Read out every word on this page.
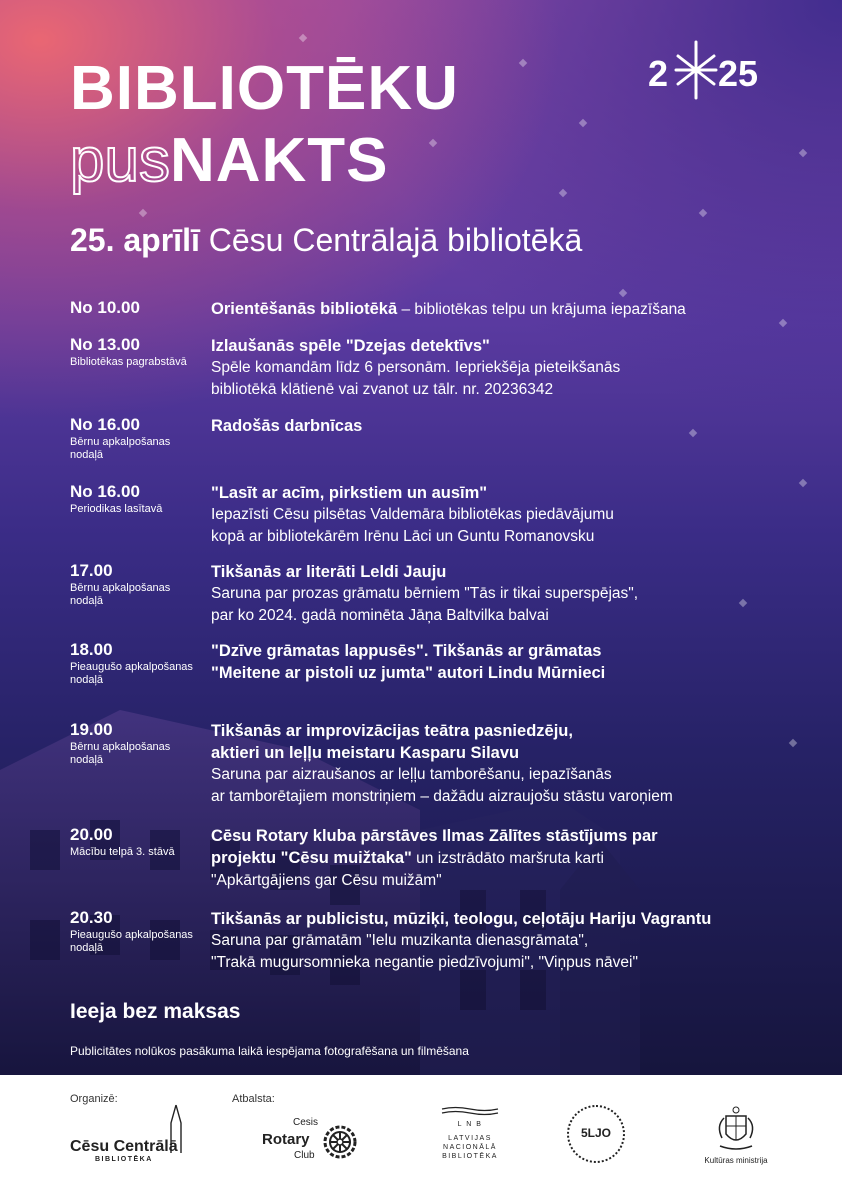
BIBLIOTĒKU
pusNAKTS
2 25
25. aprīlī Cēsu Centrālajā bibliotēkā
No 10.00	Orientēšanās bibliotēkā – bibliotēkas telpu un krājuma iepazīšana
No 13.00
Bibliotēkas pagrabstāvā
Izlaušanās spēle "Dzejas detektīvs"
Spēle komandām līdz 6 personām. Iepriekšēja pieteikšanās
bibliotēkā klātienē vai zvanot uz tālr. nr. 20236342
No 16.00
Bērnu apkalpošanas nodaļā
Radošās darbnīcas
No 16.00
Periodikas lasītavā
"Lasīt ar acīm, pirkstiem un ausīm"
Iepazīsti Cēsu pilsētas Valdemāra bibliotēkas piedāvājumu
kopā ar bibliotekārēm Irēnu Lāci un Guntu Romanovsku
17.00
Bērnu apkalpošanas nodaļā
Tikšanās ar literāti Leldi Jauju
Saruna par prozas grāmatu bērniem "Tās ir tikai superspējas",
par ko 2024. gadā nominēta Jāņa Baltvilka balvai
18.00
Pieaugušo apkalpošanas nodaļā
"Dzīve grāmatas lappusēs". Tikšanās ar grāmatas
"Meitene ar pistoli uz jumta" autori Lindu Mūrnieci
19.00
Bērnu apkalpošanas nodaļā
Tikšanās ar improvizācijas teātra pasniedzēju,
aktieri un leļļu meistaru Kasparu Silavu
Saruna par aizraušanos ar leļļu tamborēšanu, iepazīšanās
ar tamborētajiem monstriņiem – dažādu aizraujošu stāstu varoņiem
20.00
Mācību telpā 3. stāvā
Cēsu Rotary kluba pārstāves Ilmas Zālītes stāstījums par
projektu "Cēsu muižtaka" un izstrādāto maršruta karti
"Apkārtgājiens gar Cēsu muižām"
20.30
Pieaugušo apkalpošanas nodaļā
Tikšanās ar publicistu, mūziķi, teologu, ceļotāju Hariju Vagrantu
Saruna par grāmatām "Ielu muzikanta dienasgrāmata",
"Trakā mugursomnieka negantie piedzīvojumi", "Viņpus nāvei"
Ieeja bez maksas
Publicitātes nolūkos pasākuma laikā iespējama fotografēšana un filmēšana
Organizē:	Atbalsta:
Cēsu Centrālā
BIBLIOTĒKA
Cesis
Rotary
Club
L N B
LATVIJAS
NACIONĀLĀ
BIBLIOTĒKA
5LJO
Kultūras ministrija
